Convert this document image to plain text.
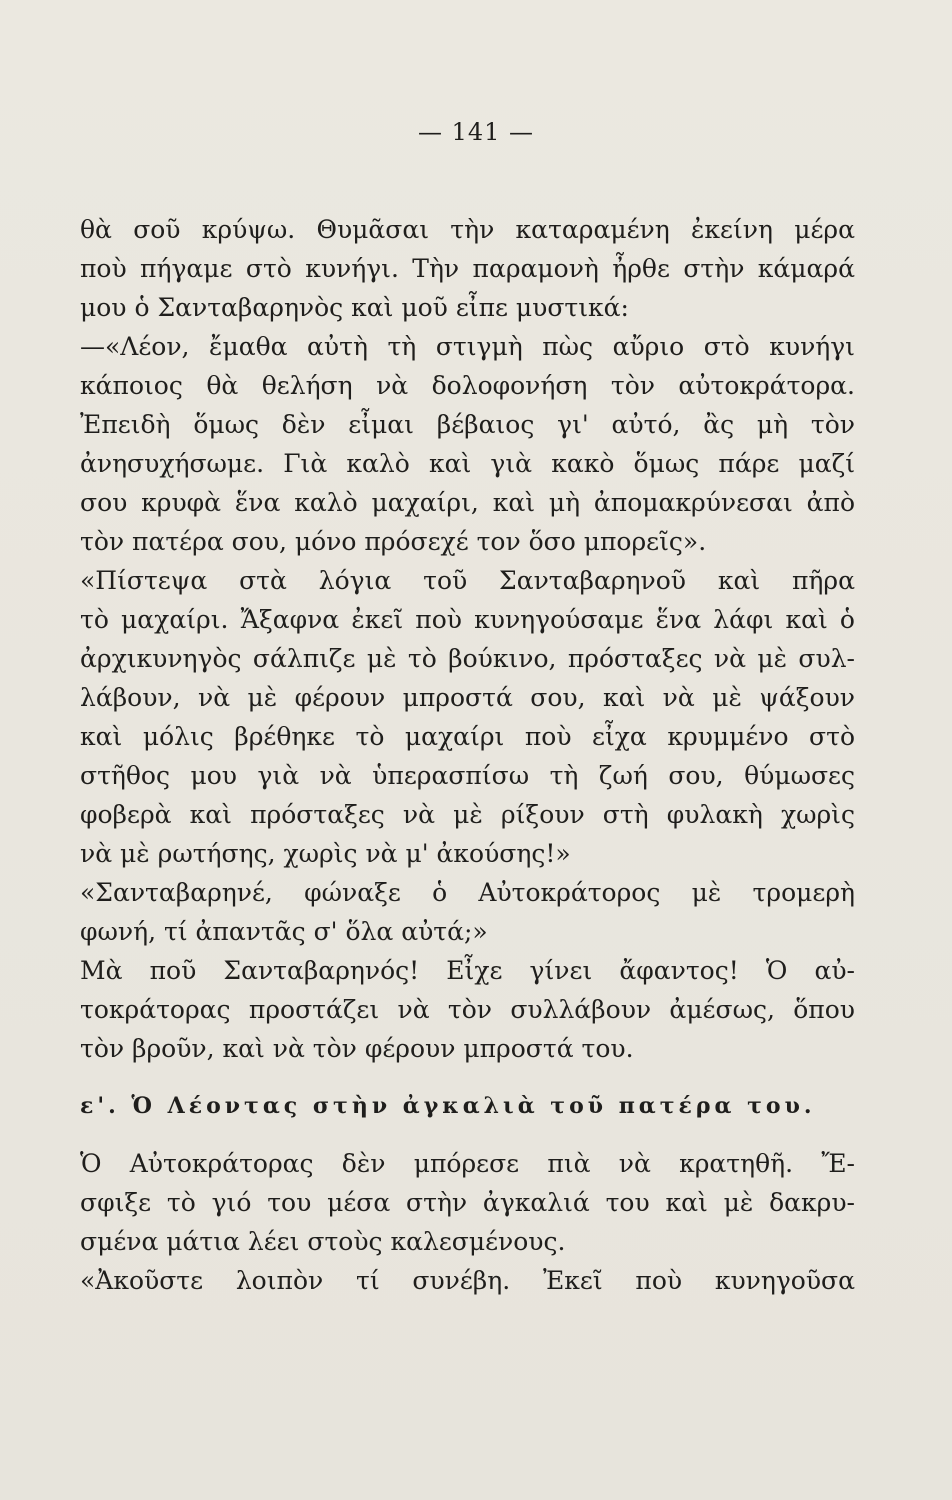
— 141 —
θὰ σοῦ κρύψω. Θυμᾶσαι τὴν καταραμένη ἐκείνη μέρα
ποὺ πήγαμε στὸ κυνήγι. Τὴν παραμονὴ ἦρθε στὴν κάμαρά
μου ὁ Σανταβαρηνὸς καὶ μοῦ εἶπε μυστικά:
—«Λέον, ἔμαθα αὐτὴ τὴ στιγμὴ πὼς αὔριο στὸ κυνήγι
κάποιος θὰ θελήση νὰ δολοφονήση τὸν αὐτοκράτορα.
Ἐπειδὴ ὅμως δὲν εἶμαι βέβαιος γι' αὐτό, ἂς μὴ τὸν
ἀνησυχήσωμε. Γιὰ καλὸ καὶ γιὰ κακὸ ὅμως πάρε μαζί
σου κρυφὰ ἕνα καλὸ μαχαίρι, καὶ μὴ ἀπομακρύνεσαι ἀπὸ
τὸν πατέρα σου, μόνο πρόσεχέ τον ὅσο μπορεῖς».
«Πίστεψα στὰ λόγια τοῦ Σανταβαρηνοῦ καὶ πῆρα
τὸ μαχαίρι. Ἄξαφνα ἐκεῖ ποὺ κυνηγούσαμε ἕνα λάφι καὶ ὁ
ἀρχικυνηγὸς σάλπιζε μὲ τὸ βούκινο, πρόσταξες νὰ μὲ συλ-
λάβουν, νὰ μὲ φέρουν μπροστά σου, καὶ νὰ μὲ ψάξουν
καὶ μόλις βρέθηκε τὸ μαχαίρι ποὺ εἶχα κρυμμένο στὸ
στῆθος μου γιὰ νὰ ὑπερασπίσω τὴ ζωή σου, θύμωσες
φοβερὰ καὶ πρόσταξες νὰ μὲ ρίξουν στὴ φυλακὴ χωρὶς
νὰ μὲ ρωτήσης, χωρὶς νὰ μ' ἀκούσης!»
«Σανταβαρηνέ, φώναξε ὁ Αὐτοκράτορος μὲ τρομερὴ
φωνή, τί ἀπαντᾶς σ' ὅλα αὐτά;»
Μὰ ποῦ Σανταβαρηνός! Εἶχε γίνει ἄφαντος! Ὁ αὐ-
τοκράτορας προστάζει νὰ τὸν συλλάβουν ἀμέσως, ὅπου
τὸν βροῦν, καὶ νὰ τὸν φέρουν μπροστά του.
ε'. Ὁ Λέοντας στὴν ἀγκαλιὰ τοῦ πατέρα του.
Ὁ Αὐτοκράτορας δὲν μπόρεσε πιὰ νὰ κρατηθῆ. Ἔ-
σφιξε τὸ γιό του μέσα στὴν ἀγκαλιά του καὶ μὲ δακρυ-
σμένα μάτια λέει στοὺς καλεσμένους.
«Ἀκοῦστε λοιπὸν τί συνέβη. Ἐκεῖ ποὺ κυνηγοῦσα
